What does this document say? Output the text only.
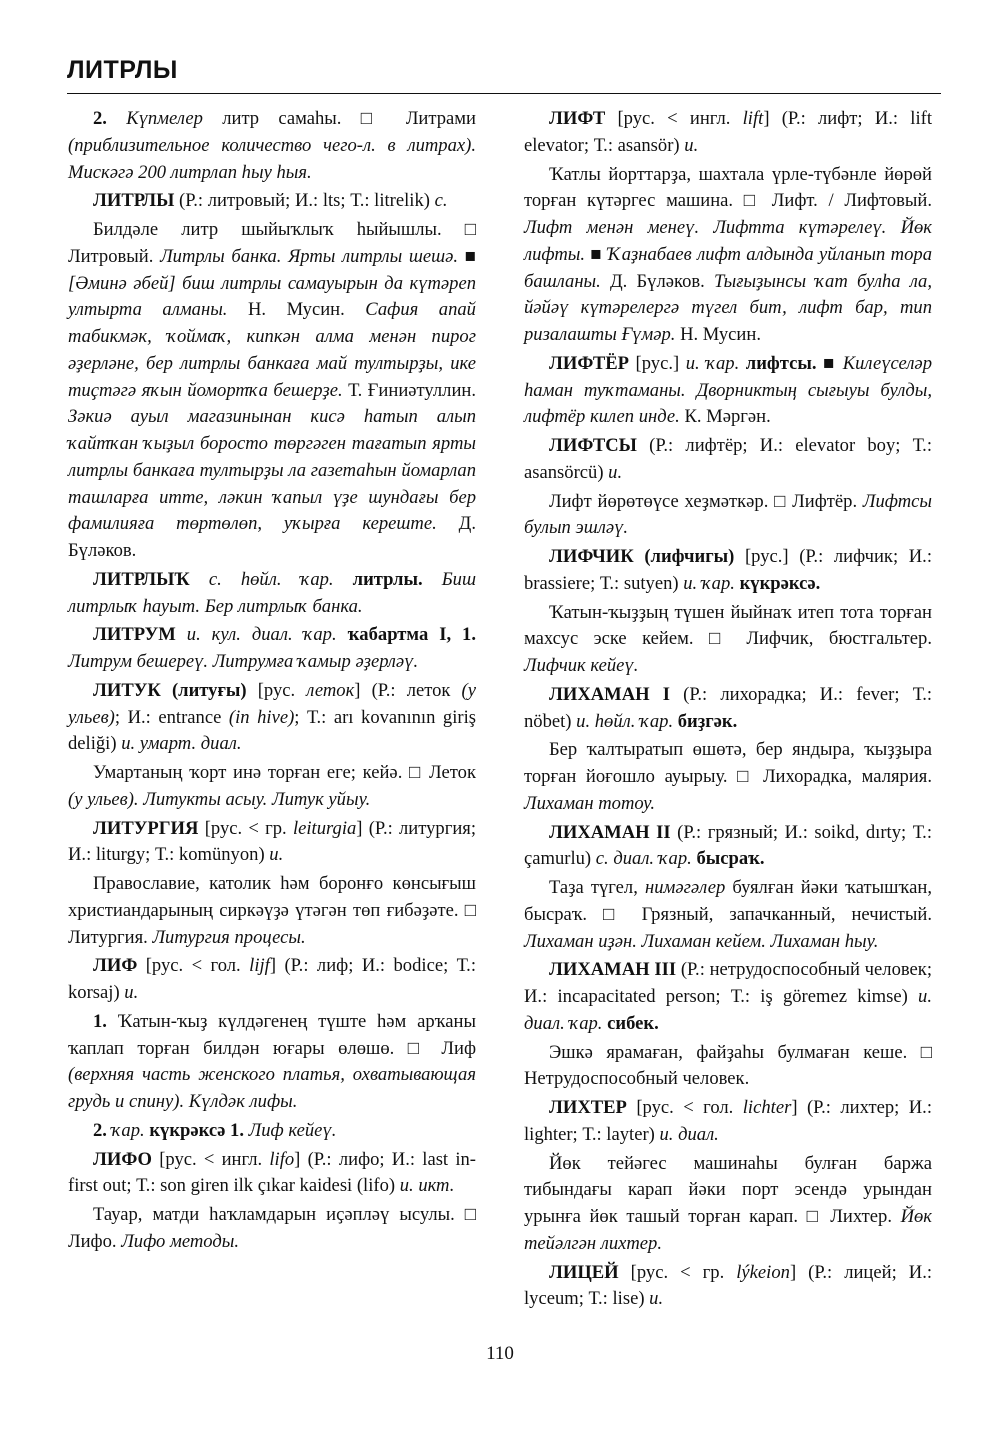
ЛИТРЛЫ

2. Күпмелер литр самаһы. □ Литрами (приблизительное количество чего-л. в литрах). Мискәгә 200 литрлап һыу һыя.

ЛИТРЛЫ (Р.: литровый; И.: lts; Т.: litrelik) с.

Билдәле литр шыйыҡлыҡ һыйышлы. □ Литровый. Литрлы банка. Ярты литрлы шешә. ■ [Әминә әбей] биш литрлы самауырын да күтәреп ултырта алманы. Н. Мусин. Сафия апай табикмәк, ҡоймаҡ, кипкән алма менән пирог әҙерләне, бер литрлы банкаға май тултырҙы, ике тиҫтәгә яҡын йомортҡа бешерҙе. Т. Ғиниәтуллин. Зәкиә ауыл магазинынан кисә һатып алып ҡайтҡан ҡыҙыл боросто төргәген тағатып ярты литрлы банкаға тултырҙы ла газетаһын йомарлап ташларға итте, ләкин ҡапыл үҙе шундағы бер фамилияға төртөлөп, уҡырға кереште. Д. Бүләков.

ЛИТРЛЫҠ с. һөйл. ҡар. литрлы. Биш литрлыҡ һауыт. Бер литрлыҡ банка.

ЛИТРУМ и. кул. диал. ҡар. ҡабартма I, 1. Литрум бешереү. Литрумға ҡамыр әҙерләү.

ЛИТУК (литуғы) [рус. леток] (Р.: леток (у ульев); И.: entrance (in hive); Т.: arı kovanının giriş deliği) и. умарт. диал.

Умартаның ҡорт инә торған еге; кейә. □ Леток (у ульев). Литукты асыу. Литук уйыу.

ЛИТУРГИЯ [рус. < гр. leiturgia] (Р.: литургия; И.: liturgy; Т.: komünyon) и.

Православие, католик һәм боронғо көнсығыш христиандарының сиркәүҙә үтәгән төп ғибәҙәте. □ Литургия. Литургия процесы.

ЛИФ [рус. < гол. lijf] (Р.: лиф; И.: bodice; Т.: korsaj) и.

1. Ҡатын-ҡыҙ күлдәгенең түште һәм арҡаны ҡаплап торған билдән юғары өлөшө. □ Лиф (верхняя часть женского платья, охватывающая грудь и спину). Күлдәк лифы.

2. ҡар. күкрәксә 1. Лиф кейеү.

ЛИФО [рус. < ингл. lifo] (Р.: лифо; И.: last in-first out; Т.: son giren ilk çıkar kaidesi (lifo) и. икт.

Тауар, матди һаҡламдарын иҫәплəү ысулы. □ Лифо. Лифо методы.

ЛИФТ [рус. < ингл. lift] (Р.: лифт; И.: lift elevator; Т.: asansör) и.

Ҡатлы йорттарҙа, шахтала үрле-түбәнле йөрөй торған күтәргес машина. □ Лифт. / Лифтовый. Лифт менән менеү. Лифтта күтәрелеү. Йөк лифты. ■ Ҡаҙнабаев лифт алдында уйланып тора башланы. Д. Бүләков. Тығыҙынсы ҡат булһа ла, йәйәү күтәрелергә түгел бит, лифт бар, тип ризалашты Ғүмәр. Н. Мусин.

ЛИФТЁР [рус.] и. ҡар. лифтсы. ■ Килеүселәр һаман туҡтаманы. Дворниктың сығыуы булды, лифтёр килеп инде. К. Мәргән.

ЛИФТСЫ (Р.: лифтёр; И.: elevator boy; Т.: asansörcü) и.

Лифт йөрөтөүсе хеҙмәткәр. □ Лифтёр. Лифтсы булып эшләү.

ЛИФЧИК (лифчигы) [рус.] (Р.: лифчик; И.: brassiere; Т.: sutyen) и. ҡар. күкрәксә.

Ҡатын-ҡыҙҙың түшен йыйнаҡ итеп тота торған махсус эске кейем. □ Лифчик, бюстгальтер. Лифчик кейеү.

ЛИХАМАН I (Р.: лихорадка; И.: fever; Т.: nöbet) и. һөйл. ҡар. биҙгәк.

Бер ҡалтыратып өшөтә, бер яндыра, ҡыҙҙыра торған йоғошло ауырыу. □ Лихорадка, малярия. Лихаман тотоу.

ЛИХАМАН II (Р.: грязный; И.: soikd, dırty; Т.: çamurlu) с. диал. ҡар. бысраҡ.

Таҙа түгел, нимәгәлер буялған йәки ҡатышҡан, бысраҡ. □ Грязный, запачканный, нечистый. Лихаман иҙән. Лихаман кейем. Лихаман һыу.

ЛИХАМАН III (Р.: нетрудоспособный человек; И.: incapacitated person; Т.: iş göremez kimse) и. диал. ҡар. сибек.

Эшкә ярамаған, файҙаһы булмаған кеше. □ Нетрудоспособный человек.

ЛИХТЕР [рус. < гол. lichter] (Р.: лихтер; И.: lighter; Т.: layter) и. диал.

Йөк тейәгес машинаһы булған баржа тибындағы карап йәки порт эсендә урындан урынға йөк ташый торған карап. □ Лихтер. Йөк тейәлгән лихтер.

ЛИЦЕЙ [рус. < гр. lýkeion] (Р.: лицей; И.: lyceum; Т.: lise) и.

110
